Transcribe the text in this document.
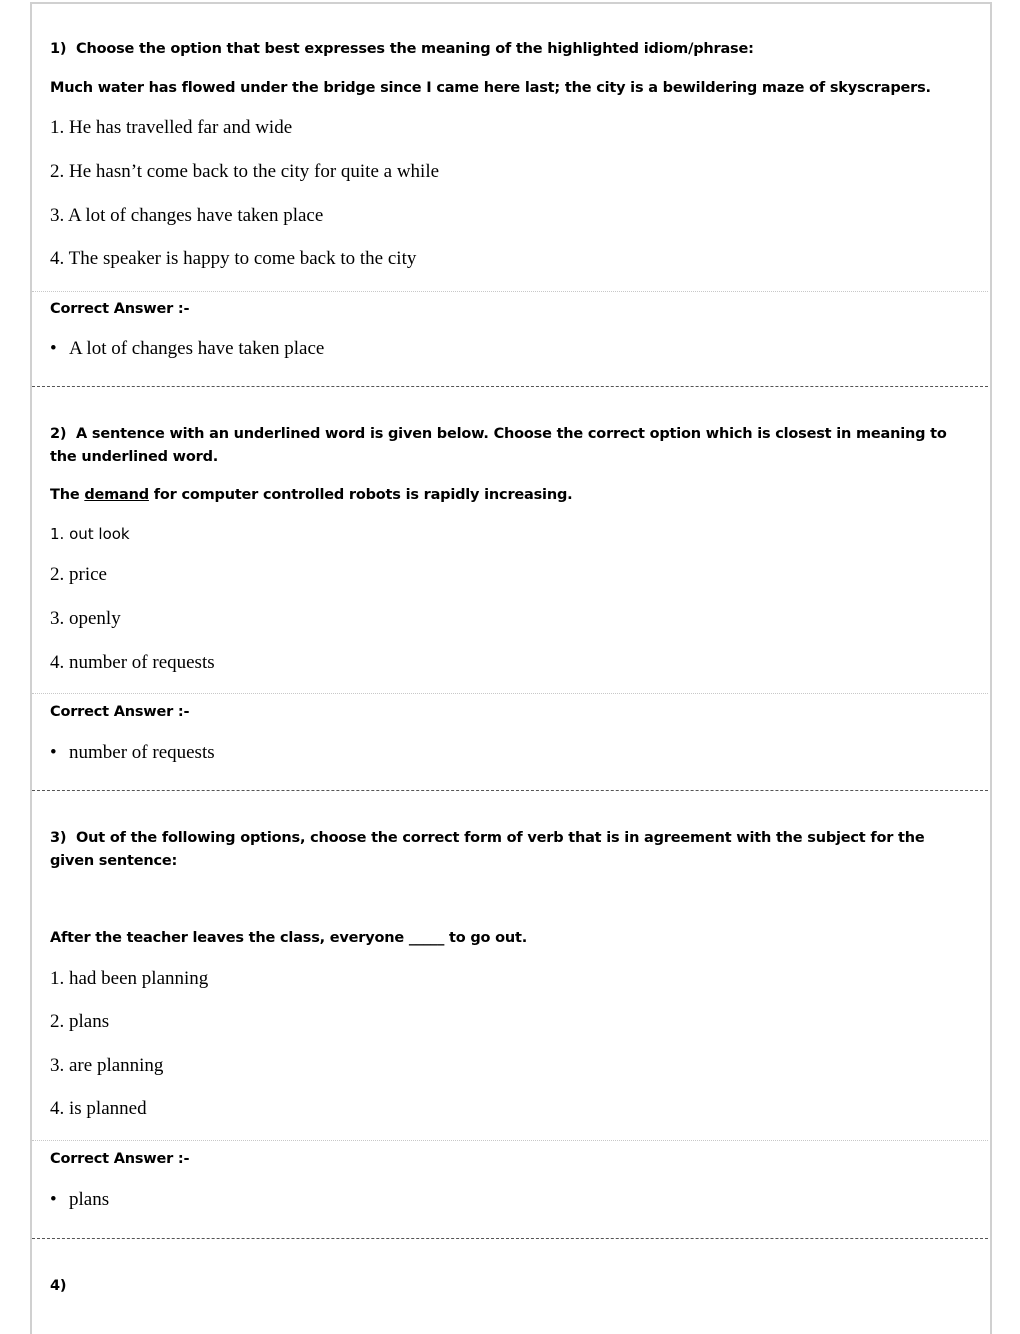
1) Choose the option that best expresses the meaning of the highlighted idiom/phrase:
Much water has flowed under the bridge since I came here last; the city is a bewildering maze of skyscrapers.
1. He has travelled far and wide
2. He hasn’t come back to the city for quite a while
3. A lot of changes have taken place
4. The speaker is happy to come back to the city
Correct Answer :-
• A lot of changes have taken place
2) A sentence with an underlined word is given below. Choose the correct option which is closest in meaning to
the underlined word.
The demand for computer controlled robots is rapidly increasing.
1. out look
2. price
3. openly
4. number of requests
Correct Answer :-
• number of requests
3) Out of the following options, choose the correct form of verb that is in agreement with the subject for the
given sentence:
After the teacher leaves the class, everyone _____ to go out.
1. had been planning
2. plans
3. are planning
4. is planned
Correct Answer :-
• plans
4)
